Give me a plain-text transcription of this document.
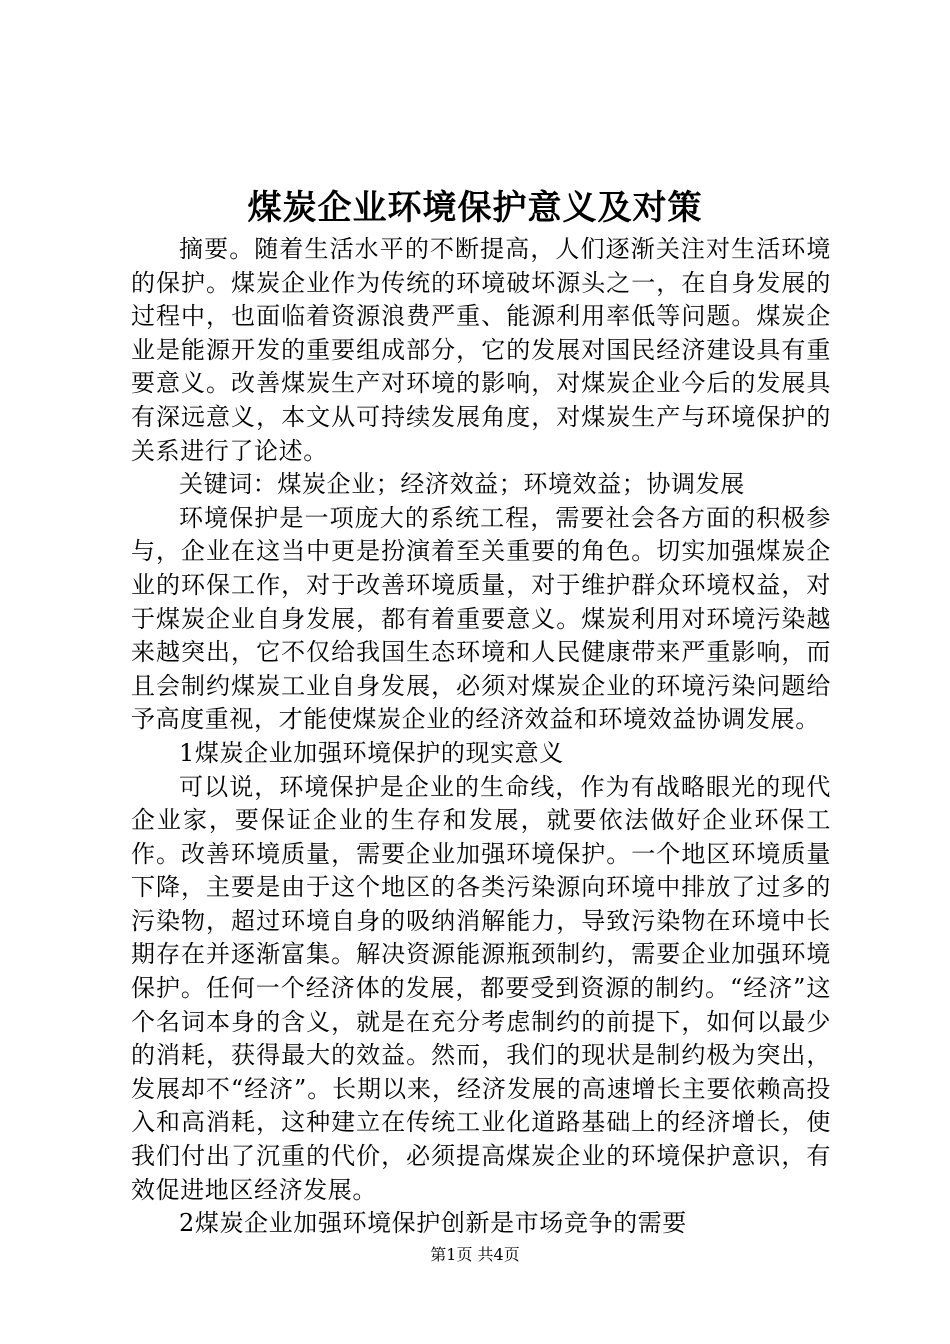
煤炭企业环境保护意义及对策

摘要。随着生活水平的不断提高，人们逐渐关注对生活环境的保护。煤炭企业作为传统的环境破坏源头之一，在自身发展的过程中，也面临着资源浪费严重、能源利用率低等问题。煤炭企业是能源开发的重要组成部分，它的发展对国民经济建设具有重要意义。改善煤炭生产对环境的影响，对煤炭企业今后的发展具有深远意义，本文从可持续发展角度，对煤炭生产与环境保护的关系进行了论述。

关键词：煤炭企业；经济效益；环境效益；协调发展

环境保护是一项庞大的系统工程，需要社会各方面的积极参与，企业在这当中更是扮演着至关重要的角色。切实加强煤炭企业的环保工作，对于改善环境质量，对于维护群众环境权益，对于煤炭企业自身发展，都有着重要意义。煤炭利用对环境污染越来越突出，它不仅给我国生态环境和人民健康带来严重影响，而且会制约煤炭工业自身发展，必须对煤炭企业的环境污染问题给予高度重视，才能使煤炭企业的经济效益和环境效益协调发展。

1煤炭企业加强环境保护的现实意义

可以说，环境保护是企业的生命线，作为有战略眼光的现代企业家，要保证企业的生存和发展，就要依法做好企业环保工作。改善环境质量，需要企业加强环境保护。一个地区环境质量下降，主要是由于这个地区的各类污染源向环境中排放了过多的污染物，超过环境自身的吸纳消解能力，导致污染物在环境中长期存在并逐渐富集。解决资源能源瓶颈制约，需要企业加强环境保护。任何一个经济体的发展，都要受到资源的制约。“经济”这个名词本身的含义，就是在充分考虑制约的前提下，如何以最少的消耗，获得最大的效益。然而，我们的现状是制约极为突出，发展却不“经济”。长期以来，经济发展的高速增长主要依赖高投入和高消耗，这种建立在传统工业化道路基础上的经济增长，使我们付出了沉重的代价，必须提高煤炭企业的环境保护意识，有效促进地区经济发展。

2煤炭企业加强环境保护创新是市场竞争的需要

第1页 共4页
